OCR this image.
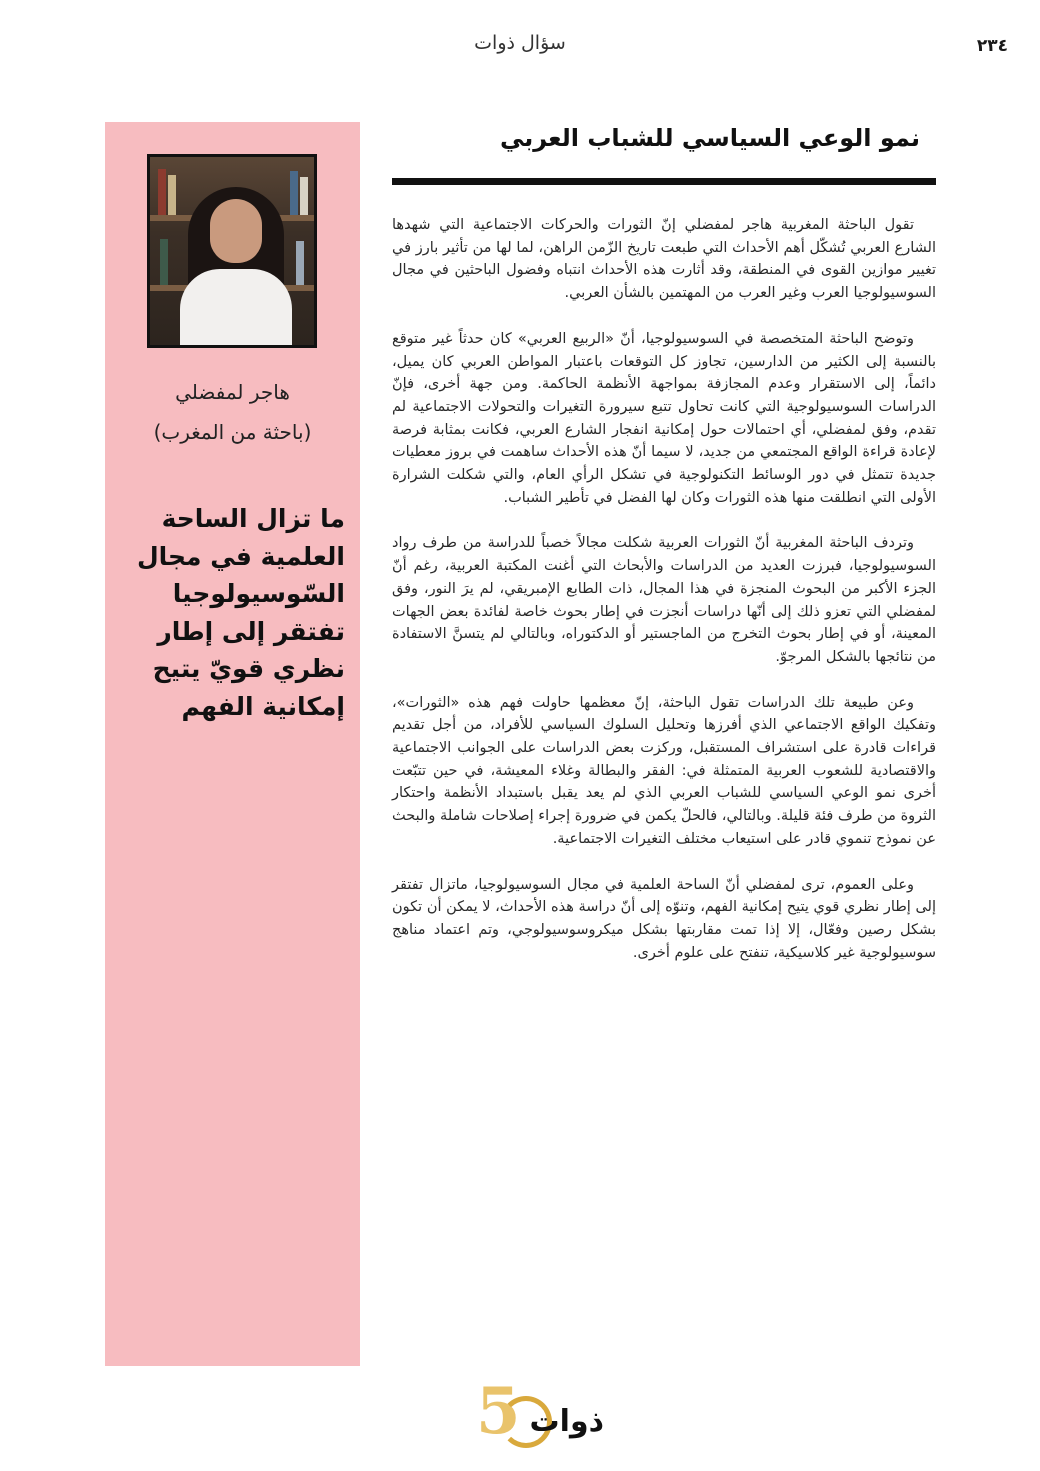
٢٣٤
سؤال ذوات
هاجر لمفضلي
(باحثة من المغرب)
ما تزال الساحة العلمية في مجال السّوسيولوجيا تفتقر إلى إطار نظري قويّ يتيح إمكانية الفهم
نمو الوعي السياسي للشباب العربي

تقول الباحثة المغربية هاجر لمفضلي إنّ الثورات والحركات الاجتماعية التي شهدها الشارع العربي تُشكّل أهم الأحداث التي طبعت تاريخ الزّمن الراهن، لما لها من تأثير بارز في تغيير موازين القوى في المنطقة، وقد أثارت هذه الأحداث انتباه وفضول الباحثين في مجال السوسيولوجيا العرب وغير العرب من المهتمين بالشأن العربي.

وتوضح الباحثة المتخصصة في السوسيولوجيا، أنّ «الربيع العربي» كان حدثاً غير متوقع بالنسبة إلى الكثير من الدارسين، تجاوز كل التوقعات باعتبار المواطن العربي كان يميل، دائماً، إلى الاستقرار وعدم المجازفة بمواجهة الأنظمة الحاكمة. ومن جهة أخرى، فإنّ الدراسات السوسيولوجية التي كانت تحاول تتبع سيرورة التغيرات والتحولات الاجتماعية لم تقدم، وفق لمفضلي، أي احتمالات حول إمكانية انفجار الشارع العربي، فكانت بمثابة فرصة لإعادة قراءة الواقع المجتمعي من جديد، لا سيما أنّ هذه الأحداث ساهمت في بروز معطيات جديدة تتمثل في دور الوسائط التكنولوجية في تشكل الرأي العام، والتي شكلت الشرارة الأولى التي انطلقت منها هذه الثورات وكان لها الفضل في تأطير الشباب.

وتردف الباحثة المغربية أنّ الثورات العربية شكلت مجالاً خصباً للدراسة من طرف رواد السوسيولوجيا، فبرزت العديد من الدراسات والأبحاث التي أغنت المكتبة العربية، رغم أنّ الجزء الأكبر من البحوث المنجزة في هذا المجال، ذات الطابع الإمبريقي، لم يرَ النور، وفق لمفضلي التي تعزو ذلك إلى أنّها دراسات أنجزت في إطار بحوث خاصة لفائدة بعض الجهات المعينة، أو في إطار بحوث التخرج من الماجستير أو الدكتوراه، وبالتالي لم يتسنَّ الاستفادة من نتائجها بالشكل المرجوّ.

وعن طبيعة تلك الدراسات تقول الباحثة، إنّ معظمها حاولت فهم هذه «الثورات»، وتفكيك الواقع الاجتماعي الذي أفرزها وتحليل السلوك السياسي للأفراد، من أجل تقديم قراءات قادرة على استشراف المستقبل، وركزت بعض الدراسات على الجوانب الاجتماعية والاقتصادية للشعوب العربية المتمثلة في: الفقر والبطالة وغلاء المعيشة، في حين تتبّعت أخرى نمو الوعي السياسي للشباب العربي الذي لم يعد يقبل باستبداد الأنظمة واحتكار الثروة من طرف فئة قليلة. وبالتالي، فالحلّ يكمن في ضرورة إجراء إصلاحات شاملة والبحث عن نموذج تنموي قادر على استيعاب مختلف التغيرات الاجتماعية.

وعلى العموم، ترى لمفضلي أنّ الساحة العلمية في مجال السوسيولوجيا، ماتزال تفتقر إلى إطار نظري قوي يتيح إمكانية الفهم، وتنوّه إلى أنّ دراسة هذه الأحداث، لا يمكن أن تكون بشكل رصين وفعّال، إلا إذا تمت مقاربتها بشكل ميكروسوسيولوجي، وتم اعتماد مناهج سوسيولوجية غير كلاسيكية، تنفتح على علوم أخرى.

5 ذوات
